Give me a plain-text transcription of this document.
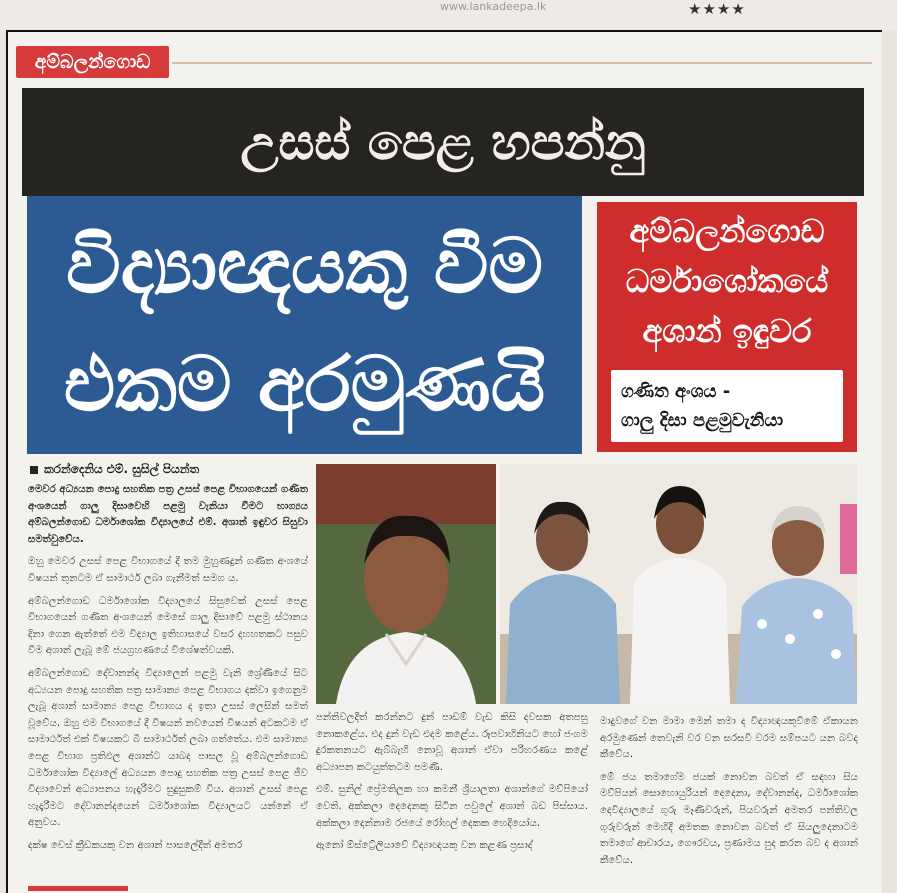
www.lankadeepa.lk	★★★★
අම්බලන්ගොඩ
උසස් පෙළ හපන්නු
විද්‍යාඥයකු වීම
එකම අරමුණයි
අම්බලන්ගොඩ
ධර්මාශෝකයේ
අශාන් ඉඳුවර
ගණිත අංශය -
ගාලු දිසා පළමුවැනියා
කරන්දෙනිය එම්. සුසිල් පියන්ත

මෙවර අධ්‍යයන පොදු සහතික පත්‍ර උසස් පෙළ විභාගයෙන් ගණිත අංශයෙන් ගාලු දිසාවෙහි පළමු වැනියා වීමට භාග්‍යය අම්බලන්ගොඩ ධර්මාශෝක විද්‍යාලයේ එම්. අශාන් ඉඳුවර සිසුවා සමත්වුවේය.

ඔහු මෙවර උසස් පෙළ විභාගයේ දී තම මුහුණදුන් ගණිත අංශයේ විෂයන් තුනටම ඒ සාමාර්ථ ලබා ගැනීමත් සමග ය.

අම්බලන්ගොඩ ධර්මාශෝක විද්‍යාලයේ සිසුවෙක් උසස් පෙළ විභාගයෙන් ගණිත අංශයෙන් මෙසේ ගාලු දිසාවේ පළමු ස්ථානය දිනා ගෙන ඇත්තේ එම විද්‍යාල ඉතිහාසයේ වසර දහහතකට පසුව වීම අශාන් ලැබූ මේ ජයග්‍රහණයේ විශේෂත්වයකි.

අම්බලන්ගොඩ දේවානන්ද විද්‍යාලෙන් පළමු වැනි ශ්‍රේණියේ සිට අධ්‍යයන පොදු සහතික පත්‍ර සාමාන්‍ය පෙළ විභාගය දක්වා ඉගෙනුම ලැබූ අශාන් සාමාන්‍ය පෙළ විභාගය ද ඉතා උසස් ලෙසින් සමත් වූවේය. ඔහු එම විභාගයේ දී විෂයන් නවයෙන් විෂයන් අටකටම ඒ සාමාර්ථත් එක් විෂයකට බී සාමාර්ථත් ලබා ගත්තේය. එම සාමාන්‍ය පෙළ විභාග ප්‍රතිඵල අශාන්ට යාබද පාසල වූ අම්බලන්ගොඩ ධර්මාශෝක විද්‍යාලේ අධ්‍යයන පොදු සහතික පත්‍ර උසස් පෙළ ජීව විද්‍යාවෙන් අධ්‍යාපනය හැදෑරීමට සුදුසුකම් විය. අශාන් උසස් පෙළ හැදෑරීමට දේවානන්දයෙන් ධර්මාශෝක විද්‍යාලයට යන්නේ ඒ අනුවය.

දක්ෂ චෙස් ක්‍රීඩකයකු වන අශාන් පාසලේදීත් අමතර

පන්තිවලදීත් කරන්නට දුන් පාඩම් වැඩ කිසි දවසක අතපසු නොකළේය. එද දුන් වැඩ එදම කළේය. රූපවාහිනියට හෝ ජංගම දුරකතනයට ඇබ්බැහි නොවූ අශාන් ඒවා පරිහරණය කළේ අධ්‍යාපන කටයුත්තටම පමණි.

එම්. සුනිල් ප්‍රේමතිලක හා කමනී ශ්‍රියාලතා අශාන්ගේ මව්පියෝ වෙති. අක්කලා දෙදෙනකු සිටින පවුලේ අශාන් බඩ පිස්සාය. අක්කලා දෙන්නාම රජයේ රෝහල් දෙකක හෙදියෝය.

ඇනෝ ඕස්ට්‍රේලියාවේ විද්‍යාඥයකු වන කළණ ප්‍රසාද්

මාදුවගේ වන මාමා මෙන් තමා ද විද්‍යාඥයකුවීමේ ඒකායන අරමුණෙන් තෙවැනි වර වන සරසවි වරම සම්පයට යන බවද කීවේය.

මේ ජය තමාගේම ජයක් නොවන බවත් ඒ සඳහා සිය මව්පියන් සොහොයුරියන් දෙදෙනා, දේවානන්ද, ධර්මාශෝක දෙවිද්‍යාලයේ ගුරු මෑණිවරුන්, පියවරුන් අමතර පන්තිවල ගුරුවරුන් මෙහිදී අමතක නොවන බවත් ඒ සියලුදෙනාටම තමාගේ ආචාරය, ගෞරවය, ප්‍රණාමය පුද කරන බව ද අශාන් කීවේය.
